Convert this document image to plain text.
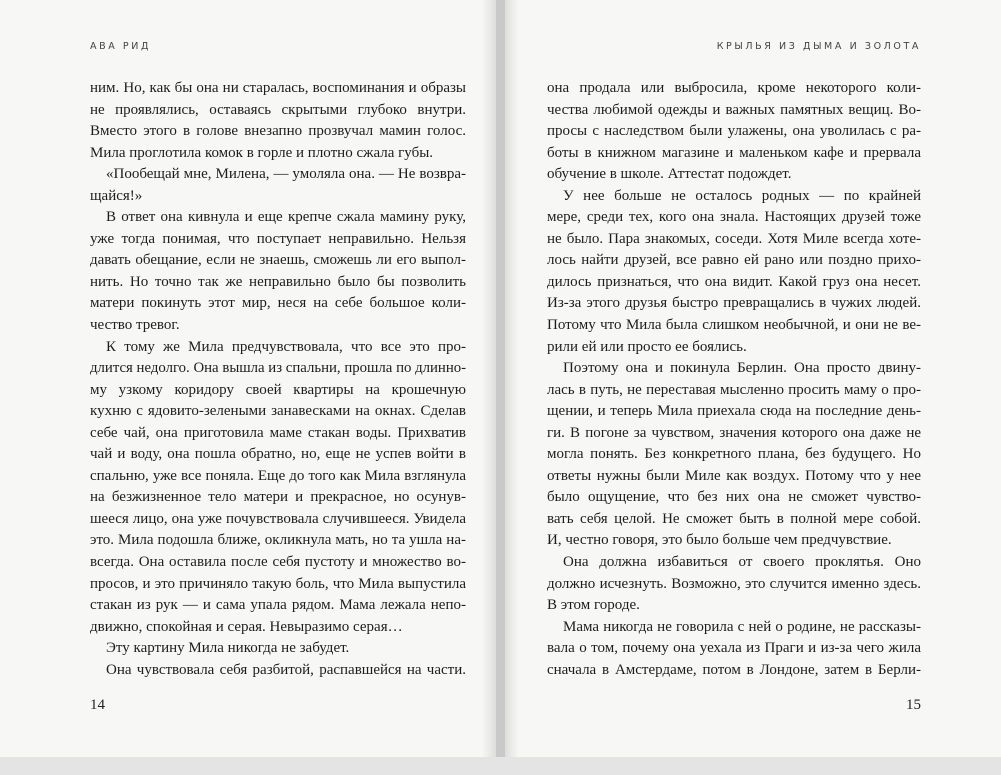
АВА РИД
ним. Но, как бы она ни старалась, воспоминания и образы
не проявлялись, оставаясь скрытыми глубоко внутри.
Вместо этого в голове внезапно прозвучал мамин голос.
Мила проглотила комок в горле и плотно сжала губы.
«Пообещай мне, Милена, — умоляла она. — Не возвра-
щайся!»
В ответ она кивнула и еще крепче сжала мамину руку,
уже тогда понимая, что поступает неправильно. Нельзя
давать обещание, если не знаешь, сможешь ли его выпол-
нить. Но точно так же неправильно было бы позволить
матери покинуть этот мир, неся на себе большое коли-
чество тревог.
К тому же Мила предчувствовала, что все это про-
длится недолго. Она вышла из спальни, прошла по длинно-
му узкому коридору своей квартиры на крошечную
кухню с ядовито-зелеными занавесками на окнах. Сделав
себе чай, она приготовила маме стакан воды. Прихватив
чай и воду, она пошла обратно, но, еще не успев войти в
спальню, уже все поняла. Еще до того как Мила взглянула
на безжизненное тело матери и прекрасное, но осунув-
шееся лицо, она уже почувствовала случившееся. Увидела
это. Мила подошла ближе, окликнула мать, но та ушла на-
всегда. Она оставила после себя пустоту и множество во-
просов, и это причиняло такую боль, что Мила выпустила
стакан из рук — и сама упала рядом. Мама лежала непо-
движно, спокойная и серая. Невыразимо серая…
Эту картину Мила никогда не забудет.
Она чувствовала себя разбитой, распавшейся на части.
14
КРЫЛЬЯ ИЗ ДЫМА И ЗОЛОТА
она продала или выбросила, кроме некоторого коли-
чества любимой одежды и важных памятных вещиц. Во-
просы с наследством были улажены, она уволилась с ра-
боты в книжном магазине и маленьком кафе и прервала
обучение в школе. Аттестат подождет.
У нее больше не осталось родных — по крайней
мере, среди тех, кого она знала. Настоящих друзей тоже
не было. Пара знакомых, соседи. Хотя Миле всегда хоте-
лось найти друзей, все равно ей рано или поздно прихо-
дилось признаться, что она видит. Какой груз она несет.
Из-за этого друзья быстро превращались в чужих людей.
Потому что Мила была слишком необычной, и они не ве-
рили ей или просто ее боялись.
Поэтому она и покинула Берлин. Она просто двину-
лась в путь, не переставая мысленно просить маму о про-
щении, и теперь Мила приехала сюда на последние день-
ги. В погоне за чувством, значения которого она даже не
могла понять. Без конкретного плана, без будущего. Но
ответы нужны были Миле как воздух. Потому что у нее
было ощущение, что без них она не сможет чувство-
вать себя целой. Не сможет быть в полной мере собой.
И, честно говоря, это было больше чем предчувствие.
Она должна избавиться от своего проклятья. Оно
должно исчезнуть. Возможно, это случится именно здесь.
В этом городе.
Мама никогда не говорила с ней о родине, не рассказы-
вала о том, почему она уехала из Праги и из-за чего жила
сначала в Амстердаме, потом в Лондоне, затем в Берли-
15
